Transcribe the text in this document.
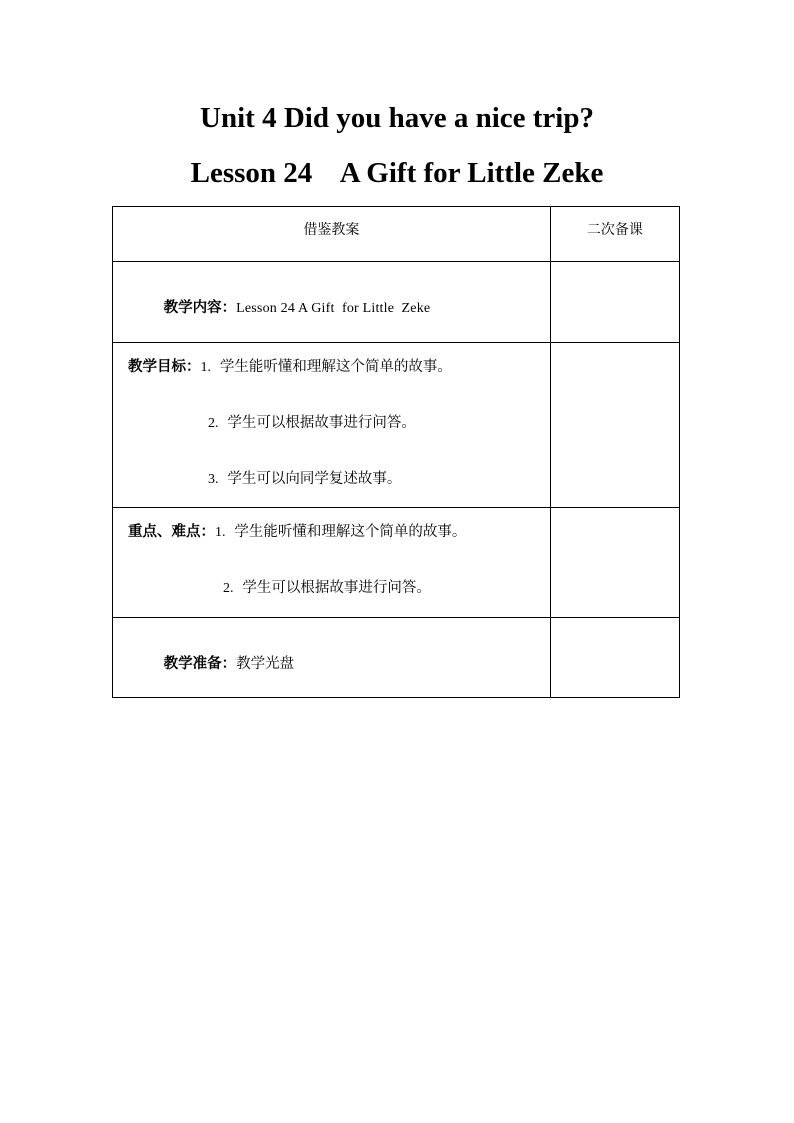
Unit 4 Did you have a nice trip?
Lesson 24    A Gift for Little Zeke
借鉴教案	二次备课

教学内容：Lesson 24 A Gift  for Little  Zeke	

教学目标：1. 学生能听懂和理解这个简单的故事。
2. 学生可以根据故事进行问答。
3. 学生可以向同学复述故事。	

重点、难点：1. 学生能听懂和理解这个简单的故事。
2. 学生可以根据故事进行问答。	

教学准备：教学光盘	
